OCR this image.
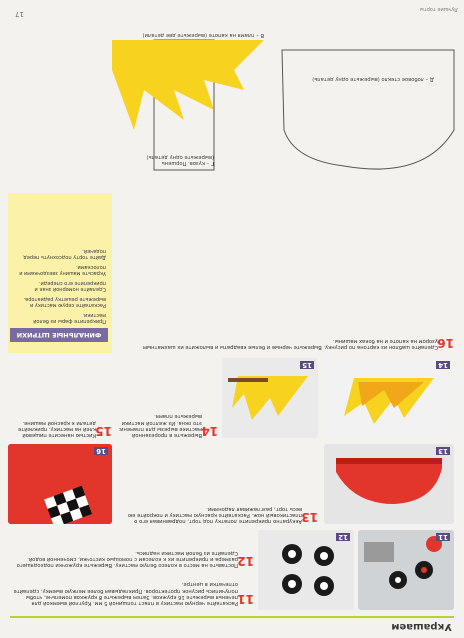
Украшаем
11
12
11
Раскатайте черную мастику в пласт толщиной 5 мм. Круглой выемкой для печенья вырежьте 16 кружков. Затем вырежьте 8 кружков помельче, чтобы получились рисунок протекторов. Прикладывая более мелкую выемку, сделайте отпечатки в центре.
12
Поставьте на место в колесо белую мастику. Вырежьте кружочки подходящего размера и прикрепите их к колесам с помощью кисточки, смоченной водой. Сделайте из белой мастики надпись.
13
13
Аккуратно прикрепите лопатку под торт, подравнивая его о пластиковый нож. Раскатайте красную мастику и покройте ею весь торт, разглаживая ладонями.
16
14
15
14
Вырежьте в прорезанной мастике вырезы для пламени: это окна. Из желтой мастики вырежьте пламя.
15
Кистью нанесите пищевой клей на мастику, приклейте детали к красной машине.
16
Сделайте шаблон из картона по рисунку. Вырежьте черные и белые квадраты и выложите их шахматным узором на капоте и на боках машины.
ФИНАЛЬНЫЕ ШТРИХИ
Прикрепите фары из белой мастики.
Раскатайте серую мастику и вырежьте решетку радиатора.
Сделайте номерной знак и прикрепите его спереди.
Украсьте машину звездочками и полосками.
Дайте торту подсохнуть перед подачей.
В – пламя на капоте (вырежьте две детали)
Г – кузов. Поршень (вырежьте одну деталь)
Д – лобовое стекло (вырежьте одну деталь)
17
Лучшие торты
